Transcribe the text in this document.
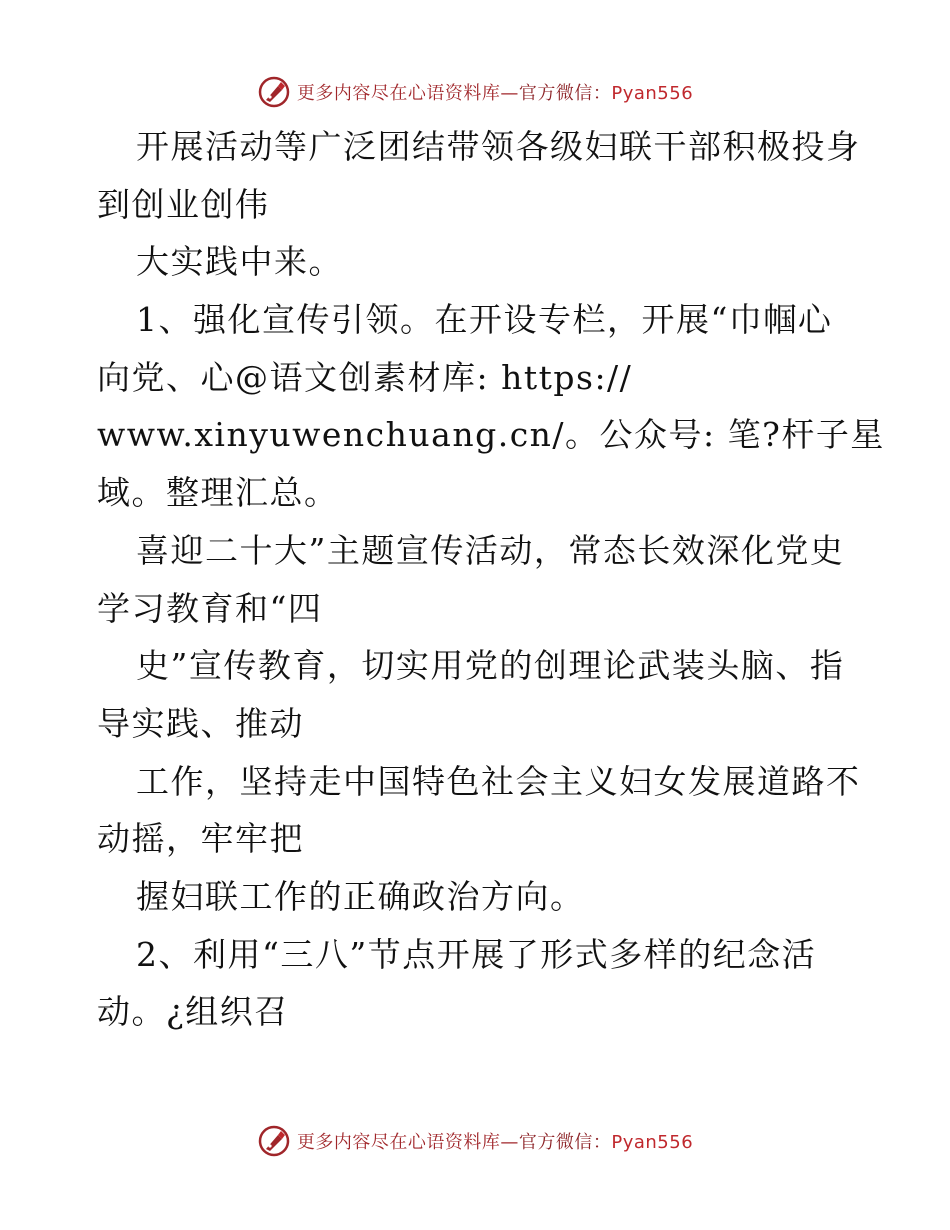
更多内容尽在心语资料库—官方微信：Pyan556
开展活动等广泛团结带领各级妇联干部积极投身
到创业创伟
大实践中来。
1、强化宣传引领。在开设专栏，开展“巾帼心
向党、心@语文创素材库: https://
www.xinyuwenchuang.cn/。公众号: 笔?杆子星
域。整理汇总。
喜迎二十大”主题宣传活动，常态长效深化党史
学习教育和“四
史”宣传教育，切实用党的创理论武装头脑、指
导实践、推动
工作，坚持走中国特色社会主义妇女发展道路不
动摇，牢牢把
握妇联工作的正确政治方向。
2、利用“三八”节点开展了形式多样的纪念活
动。¿组织召
更多内容尽在心语资料库—官方微信：Pyan556
